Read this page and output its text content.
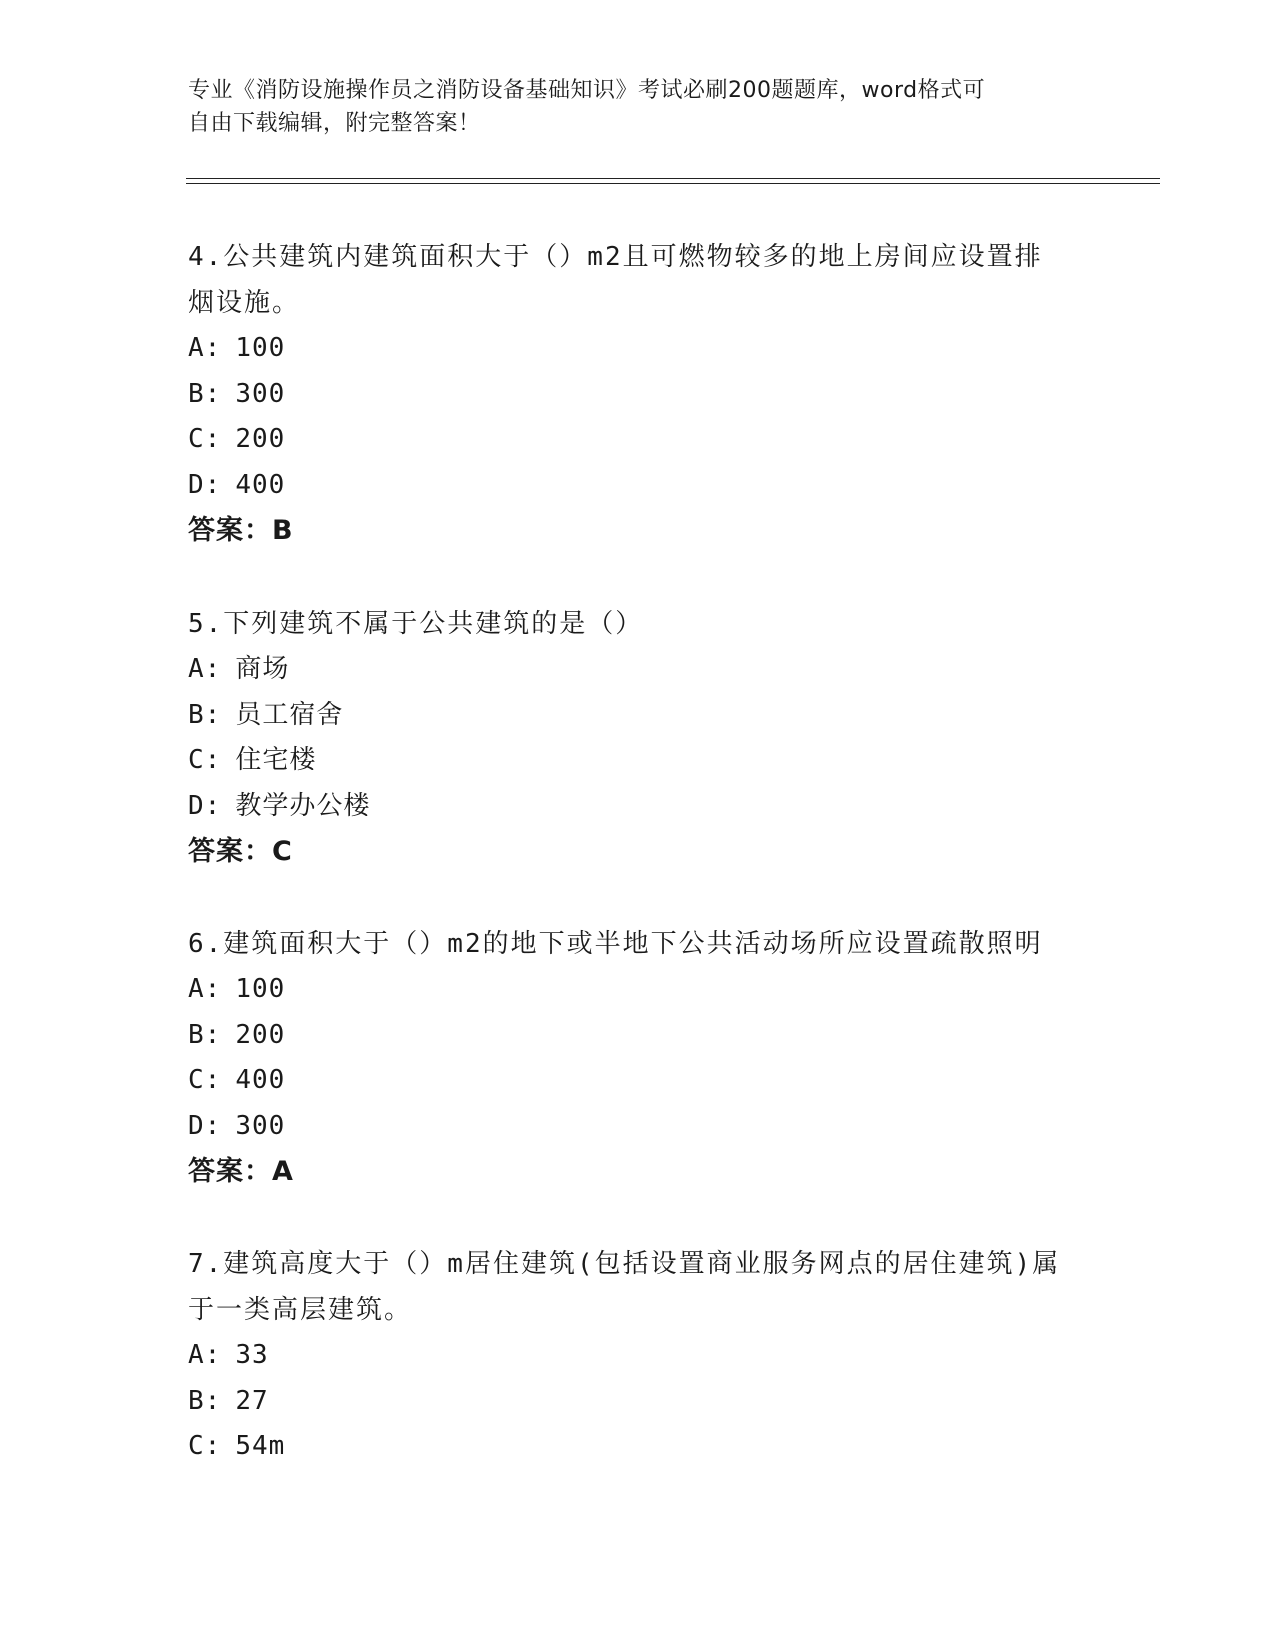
专业《消防设施操作员之消防设备基础知识》考试必刷200题题库，word格式可
自由下载编辑，附完整答案！
4.公共建筑内建筑面积大于（）m2且可燃物较多的地上房间应设置排
烟设施。
A: 100
B: 300
C: 200
D: 400
答案：B
5.下列建筑不属于公共建筑的是（）
A: 商场
B: 员工宿舍
C: 住宅楼
D: 教学办公楼
答案：C
6.建筑面积大于（）m2的地下或半地下公共活动场所应设置疏散照明
A: 100
B: 200
C: 400
D: 300
答案：A
7.建筑高度大于（）m居住建筑(包括设置商业服务网点的居住建筑)属
于一类高层建筑。
A: 33
B: 27
C: 54m
